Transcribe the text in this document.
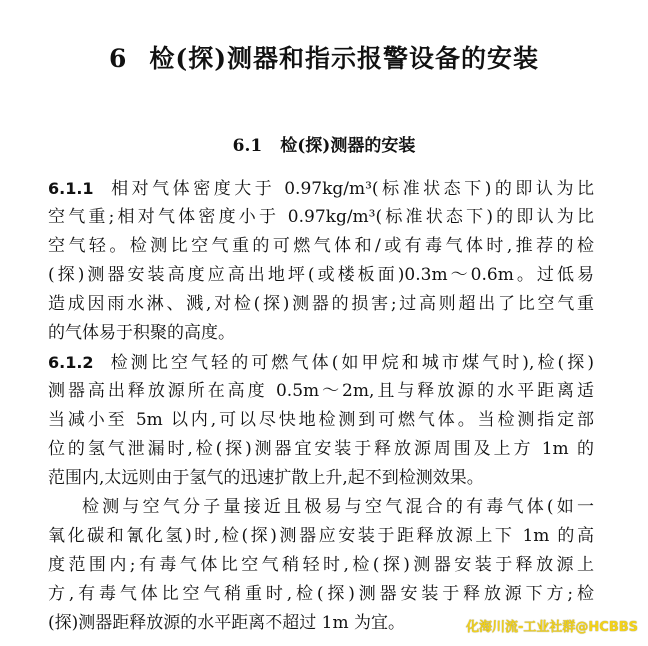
6 检(探)测器和指示报警设备的安装
6.1 检(探)测器的安装
6.1.1 相对气体密度大于 0.97kg/m³(标准状态下)的即认为比
空气重;相对气体密度小于 0.97kg/m³(标准状态下)的即认为比
空气轻。检测比空气重的可燃气体和/或有毒气体时,推荐的检
(探)测器安装高度应高出地坪(或楼板面)0.3m～0.6m。过低易
造成因雨水淋、溅,对检(探)测器的损害;过高则超出了比空气重
的气体易于积聚的高度。
6.1.2 检测比空气轻的可燃气体(如甲烷和城市煤气时),检(探)
测器高出释放源所在高度 0.5m～2m,且与释放源的水平距离适
当减小至 5m 以内,可以尽快地检测到可燃气体。当检测指定部
位的氢气泄漏时,检(探)测器宜安装于释放源周围及上方 1m 的
范围内,太远则由于氢气的迅速扩散上升,起不到检测效果。
检测与空气分子量接近且极易与空气混合的有毒气体(如一
氧化碳和氰化氢)时,检(探)测器应安装于距释放源上下 1m 的高
度范围内;有毒气体比空气稍轻时,检(探)测器安装于释放源上
方,有毒气体比空气稍重时,检(探)测器安装于释放源下方;检
(探)测器距释放源的水平距离不超过 1m 为宜。	化海川流-工业社群@HCBBS
